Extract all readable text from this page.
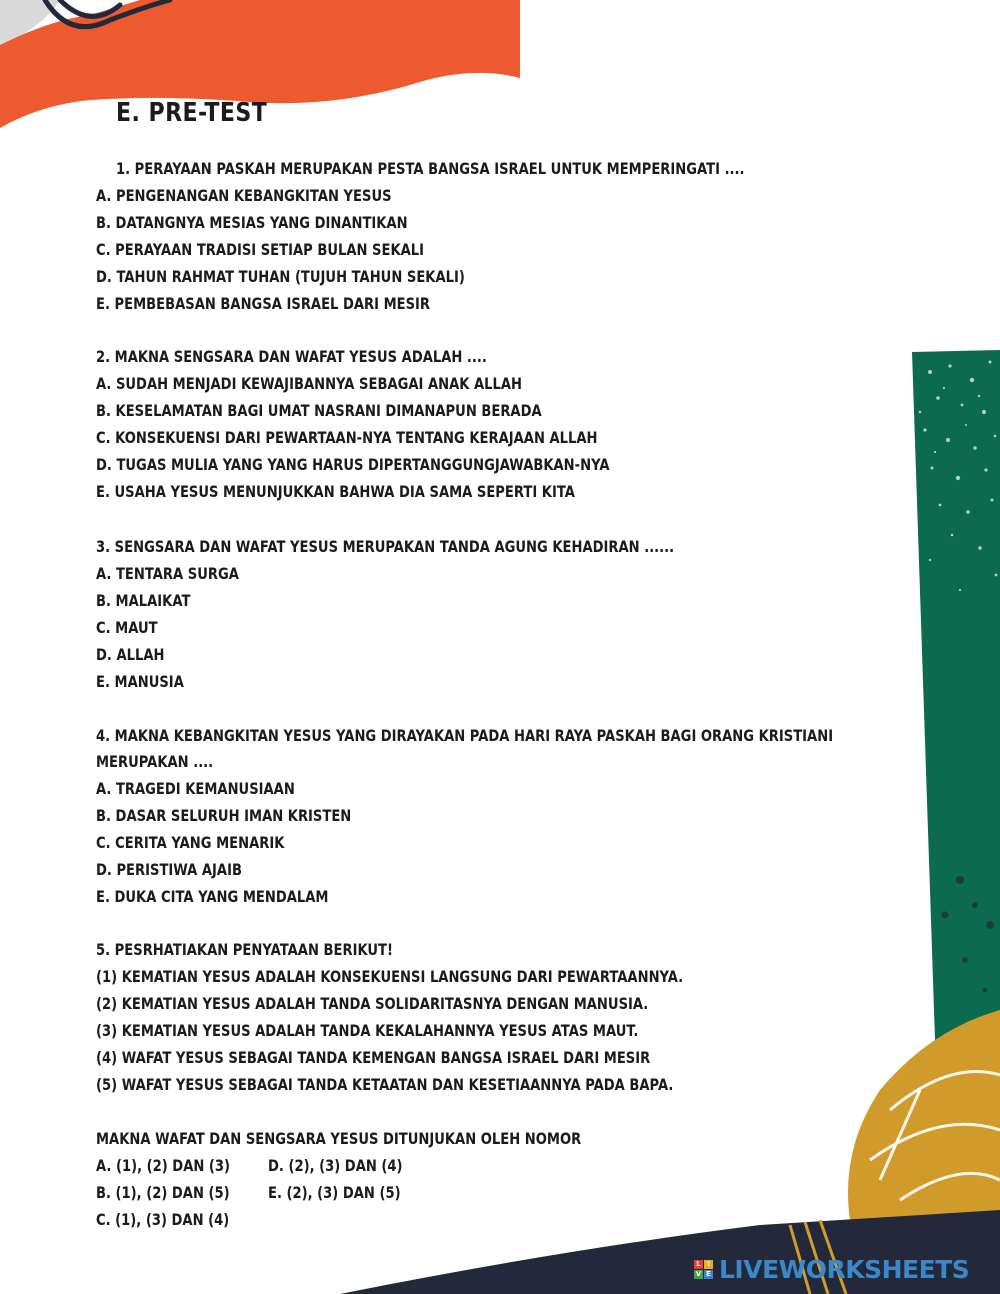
E. PRE-TEST
1. PERAYAAN PASKAH MERUPAKAN PESTA BANGSA ISRAEL UNTUK MEMPERINGATI ....
A. PENGENANGAN KEBANGKITAN YESUS
B. DATANGNYA MESIAS YANG DINANTIKAN
C. PERAYAAN TRADISI SETIAP BULAN SEKALI
D. TAHUN RAHMAT TUHAN (TUJUH TAHUN SEKALI)
E. PEMBEBASAN BANGSA ISRAEL DARI MESIR
2. MAKNA SENGSARA DAN WAFAT YESUS ADALAH ....
A. SUDAH MENJADI KEWAJIBANNYA SEBAGAI ANAK ALLAH
B. KESELAMATAN BAGI UMAT NASRANI DIMANAPUN BERADA
C. KONSEKUENSI DARI PEWARTAAN-NYA TENTANG KERAJAAN ALLAH
D. TUGAS MULIA YANG YANG HARUS DIPERTANGGUNGJAWABKAN-NYA
E. USAHA YESUS MENUNJUKKAN BAHWA DIA SAMA SEPERTI KITA
3. SENGSARA DAN WAFAT YESUS MERUPAKAN TANDA AGUNG KEHADIRAN ......
A. TENTARA SURGA
B. MALAIKAT
C. MAUT
D. ALLAH
E. MANUSIA
4. MAKNA KEBANGKITAN YESUS YANG DIRAYAKAN PADA HARI RAYA PASKAH BAGI ORANG KRISTIANI
MERUPAKAN ....
A. TRAGEDI KEMANUSIAAN
B. DASAR SELURUH IMAN KRISTEN
C. CERITA YANG MENARIK
D. PERISTIWA AJAIB
E. DUKA CITA YANG MENDALAM
5. PESRHATIAKAN PENYATAAN BERIKUT!
(1) KEMATIAN YESUS ADALAH KONSEKUENSI LANGSUNG DARI PEWARTAANNYA.
(2) KEMATIAN YESUS ADALAH TANDA SOLIDARITASNYA DENGAN MANUSIA.
(3) KEMATIAN YESUS ADALAH TANDA KEKALAHANNYA YESUS ATAS MAUT.
(4) WAFAT YESUS SEBAGAI TANDA KEMENGAN BANGSA ISRAEL DARI MESIR
(5) WAFAT YESUS SEBAGAI TANDA KETAATAN DAN KESETIAANNYA PADA BAPA.
MAKNA WAFAT DAN SENGSARA YESUS DITUNJUKAN OLEH NOMOR
A. (1), (2) DAN (3) D. (2), (3) DAN (4)
B. (1), (2) DAN (5) E. (2), (3) DAN (5)
C. (1), (3) DAN (4)
L I
V E LIVEWORKSHEETS
